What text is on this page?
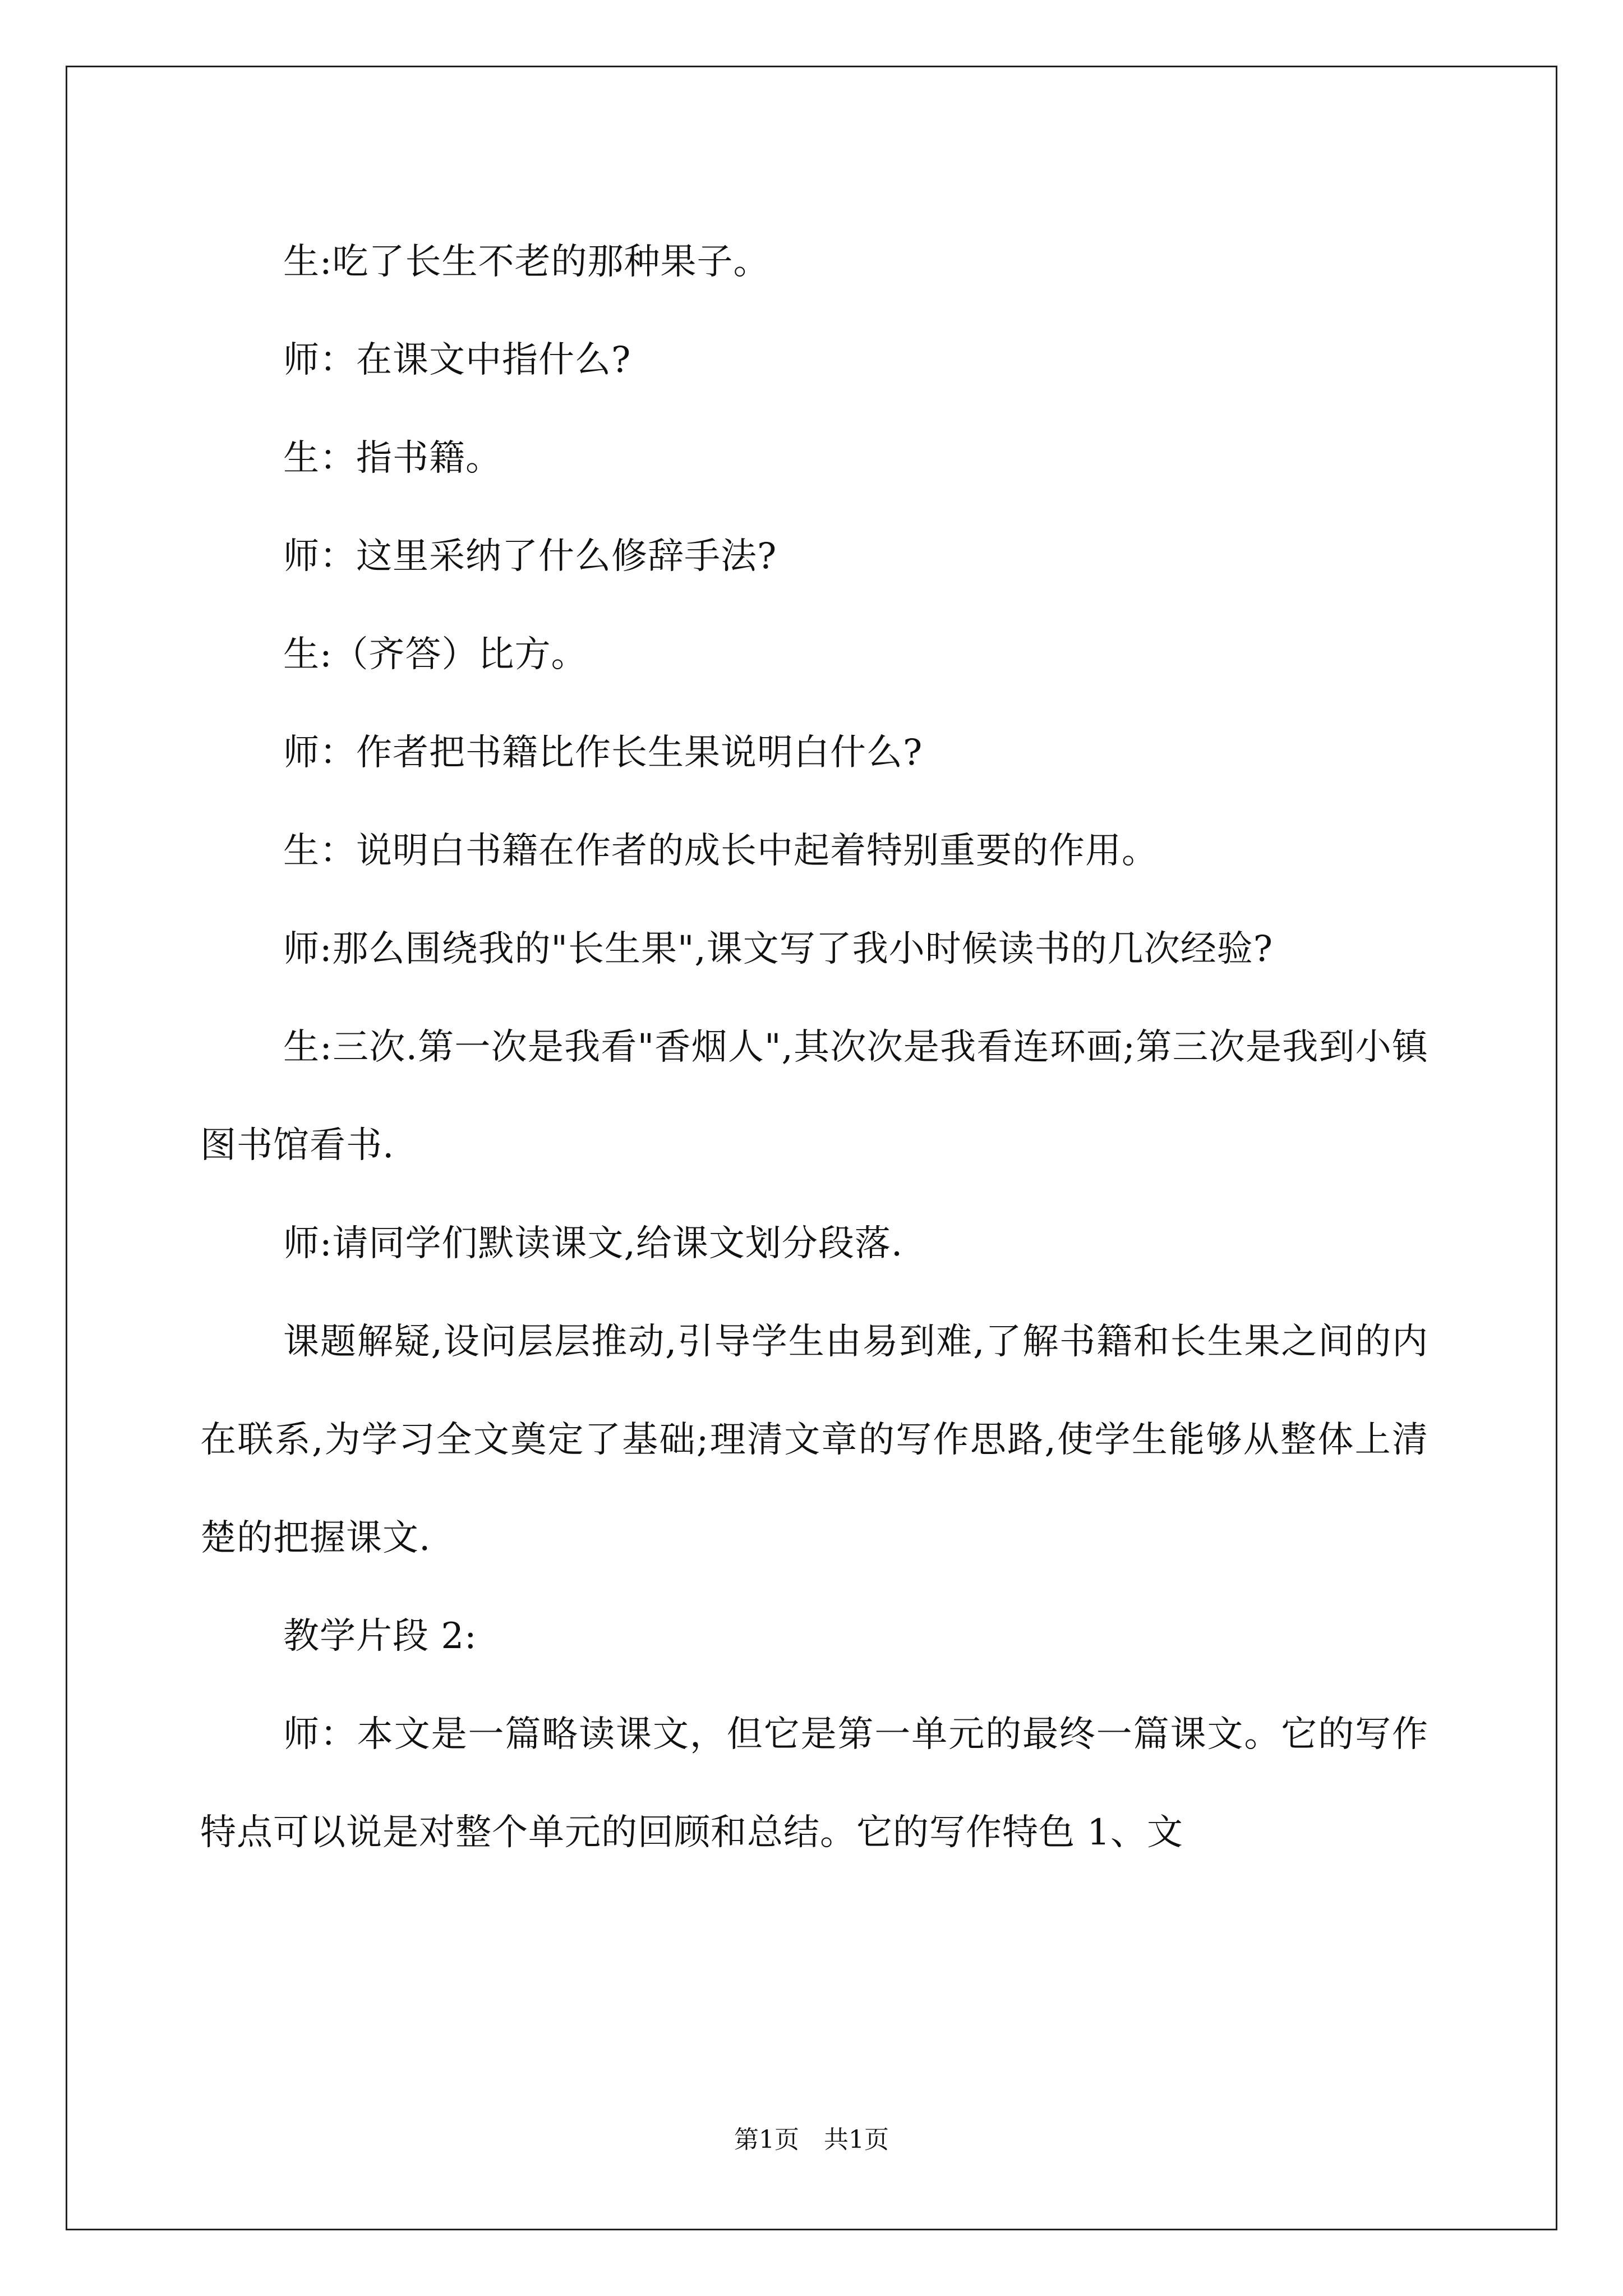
生:吃了长生不老的那种果子。

师：在课文中指什么?

生：指书籍。

师：这里采纳了什么修辞手法?

生:（齐答）比方。

师：作者把书籍比作长生果说明白什么?

生：说明白书籍在作者的成长中起着特别重要的作用。

师:那么围绕我的"长生果",课文写了我小时候读书的几次经验?

生:三次.第一次是我看"香烟人",其次次是我看连环画;第三次是我到小镇图书馆看书.

师:请同学们默读课文,给课文划分段落.

课题解疑,设问层层推动,引导学生由易到难,了解书籍和长生果之间的内在联系,为学习全文奠定了基础;理清文章的写作思路,使学生能够从整体上清楚的把握课文.

教学片段 2:

师：本文是一篇略读课文，但它是第一单元的最终一篇课文。它的写作特点可以说是对整个单元的回顾和总结。它的写作特色 1、文

第1页　共1页
